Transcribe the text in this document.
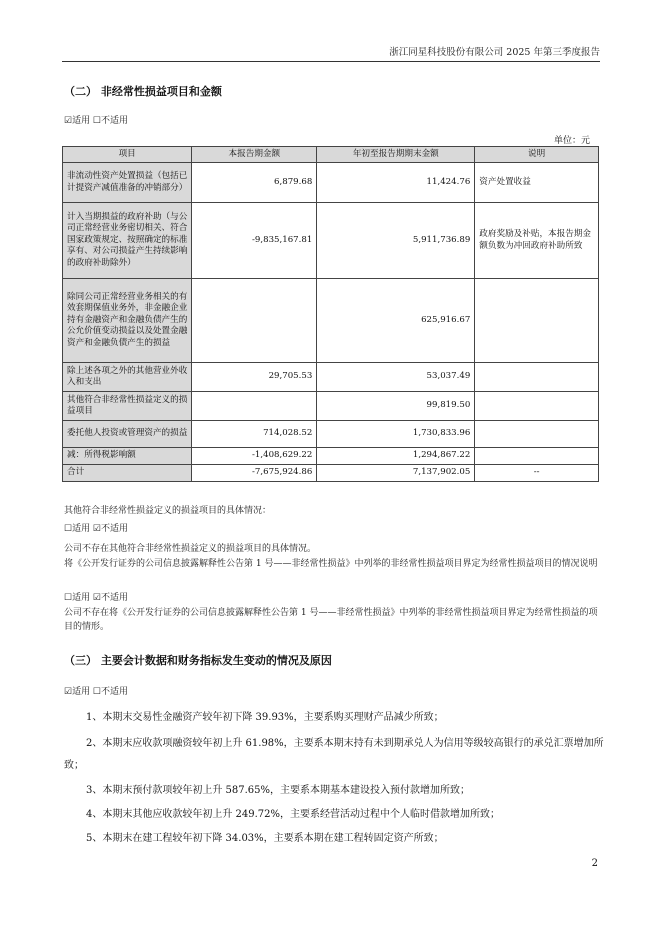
浙江同星科技股份有限公司 2025 年第三季度报告
（二） 非经常性损益项目和金额
☑适用 ☐不适用
单位：元
项目	本报告期金额	年初至报告期期末金额	说明
非流动性资产处置损益（包括已计提资产减值准备的冲销部分）	6,879.68	11,424.76	资产处置收益
计入当期损益的政府补助（与公司正常经营业务密切相关、符合国家政策规定、按照确定的标准享有、对公司损益产生持续影响的政府补助除外）	-9,835,167.81	5,911,736.89	政府奖励及补贴，本报告期金额负数为冲回政府补助所致
除同公司正常经营业务相关的有效套期保值业务外，非金融企业持有金融资产和金融负债产生的公允价值变动损益以及处置金融资产和金融负债产生的损益		625,916.67	
除上述各项之外的其他营业外收入和支出	29,705.53	53,037.49	
其他符合非经常性损益定义的损益项目		99,819.50	
委托他人投资或管理资产的损益	714,028.52	1,730,833.96	
减：所得税影响额	-1,408,629.22	1,294,867.22	
合计	-7,675,924.86	7,137,902.05	--
其他符合非经常性损益定义的损益项目的具体情况：
☐适用 ☑不适用
公司不存在其他符合非经常性损益定义的损益项目的具体情况。
将《公开发行证券的公司信息披露解释性公告第 1 号——非经常性损益》中列举的非经常性损益项目界定为经常性损益项目的情况说明
☐适用 ☑不适用
公司不存在将《公开发行证券的公司信息披露解释性公告第 1 号——非经常性损益》中列举的非经常性损益项目界定为经常性损益的项目的情形。
（三） 主要会计数据和财务指标发生变动的情况及原因
☑适用 ☐不适用
1、本期末交易性金融资产较年初下降 39.93%，主要系购买理财产品减少所致；
2、本期末应收款项融资较年初上升 61.98%，主要系本期末持有未到期承兑人为信用等级较高银行的承兑汇票增加所致；
3、本期末预付款项较年初上升 587.65%，主要系本期基本建设投入预付款增加所致；
4、本期末其他应收款较年初上升 249.72%，主要系经营活动过程中个人临时借款增加所致；
5、本期末在建工程较年初下降 34.03%，主要系本期在建工程转固定资产所致；
2
